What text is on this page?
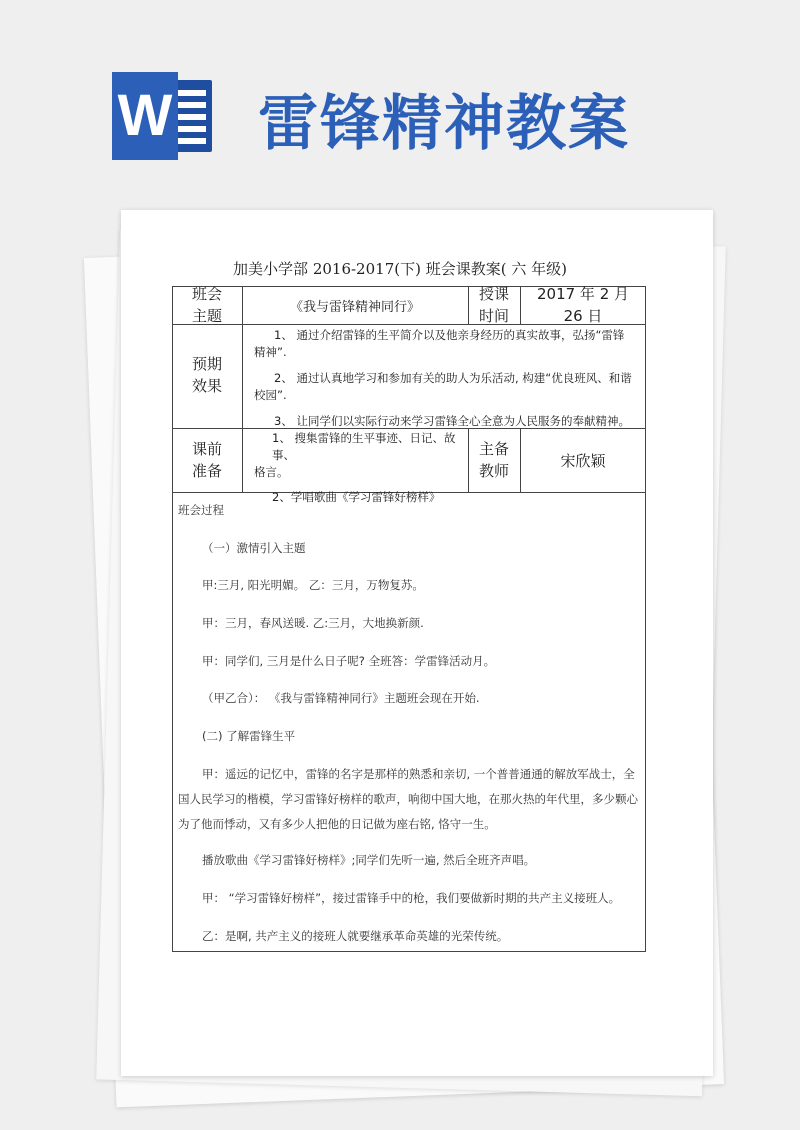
W 雷锋精神教案
加美小学部 2016-2017(下) 班会课教案( 六 年级)
班会
主题	《我与雷锋精神同行》
授课
时间
2017 年 2 月
26 日
预期
效果
1、 通过介绍雷锋的生平简介以及他亲身经历的真实故事，弘扬“雷锋
精神”.
2、 通过认真地学习和参加有关的助人为乐活动, 构建“优良班风、和谐
校园”.
3、 让同学们以实际行动来学习雷锋全心全意为人民服务的奉献精神。
课前
准备
1、 搜集雷锋的生平事迹、日记、故事、
格言。
2、学唱歌曲《学习雷锋好榜样》
主备
教师
宋欣颖
班会过程
（一）激情引入主题
甲:三月, 阳光明媚。 乙：三月，万物复苏。
甲：三月，春风送暖. 乙:三月，大地换新颜.
甲：同学们, 三月是什么日子呢? 全班答：学雷锋活动月。
（甲乙合）： 《我与雷锋精神同行》主题班会现在开始.
(二) 了解雷锋生平
甲：遥远的记忆中，雷锋的名字是那样的熟悉和亲切, 一个普普通通的解放军战士，全
国人民学习的楷模，学习雷锋好榜样的歌声，响彻中国大地，在那火热的年代里，多少颗心
为了他而悸动，又有多少人把他的日记做为座右铭, 恪守一生。
播放歌曲《学习雷锋好榜样》;同学们先听一遍, 然后全班齐声唱。
甲： “学习雷锋好榜样”，接过雷锋手中的枪，我们要做新时期的共产主义接班人。
乙：是啊, 共产主义的接班人就要继承革命英雄的光荣传统。
